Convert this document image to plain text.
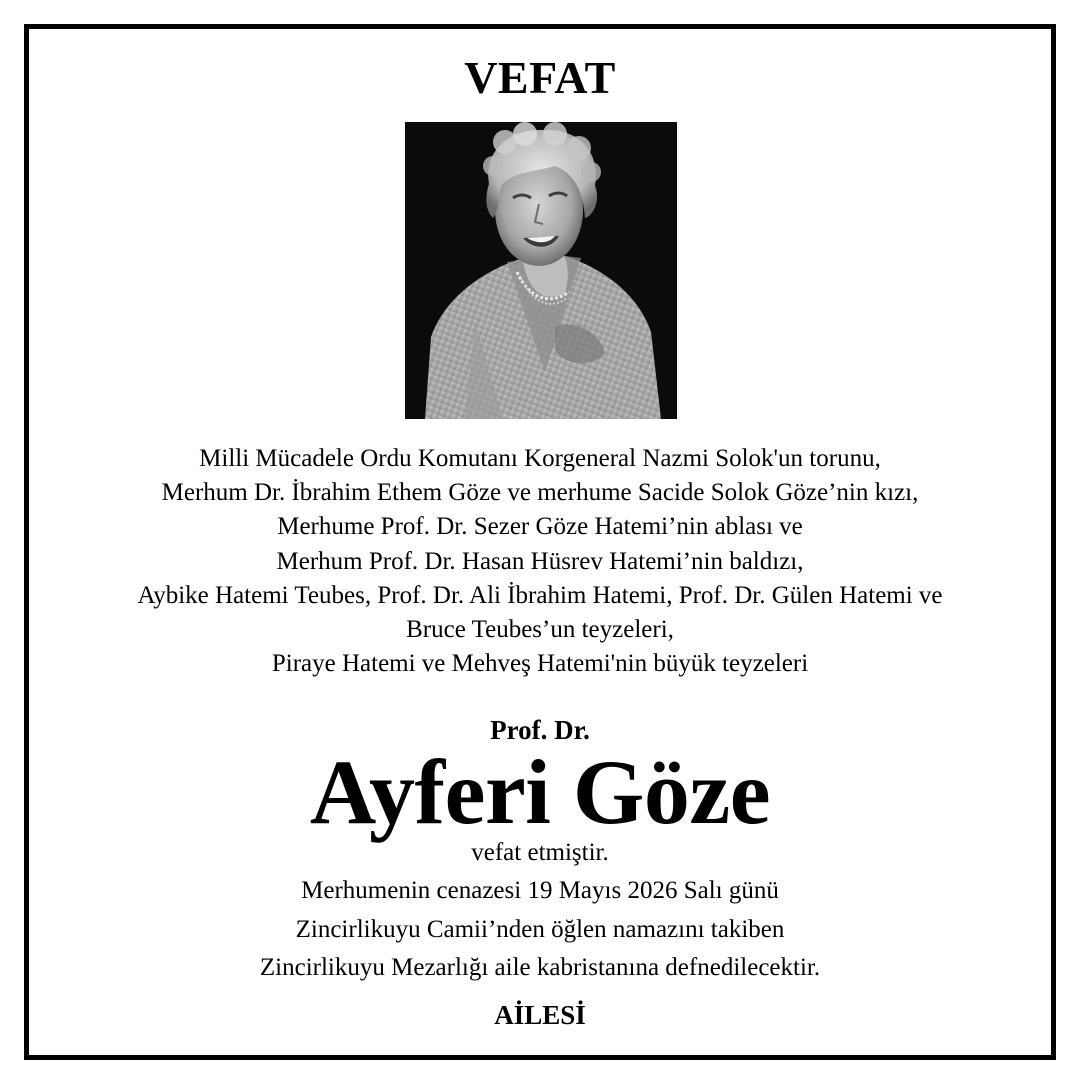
VEFAT
Milli Mücadele Ordu Komutanı Korgeneral Nazmi Solok'un torunu,
Merhum Dr. İbrahim Ethem Göze ve merhume Sacide Solok Göze’nin kızı,
Merhume Prof. Dr. Sezer Göze Hatemi’nin ablası ve
Merhum Prof. Dr. Hasan Hüsrev Hatemi’nin baldızı,
Aybike Hatemi Teubes, Prof. Dr. Ali İbrahim Hatemi, Prof. Dr. Gülen Hatemi ve
Bruce Teubes’un teyzeleri,
Piraye Hatemi ve Mehveş Hatemi'nin büyük teyzeleri
Prof. Dr.
Ayferi Göze
vefat etmiştir.
Merhumenin cenazesi 19 Mayıs 2026 Salı günü
Zincirlikuyu Camii’nden öğlen namazını takiben
Zincirlikuyu Mezarlığı aile kabristanına defnedilecektir.
AİLESİ
